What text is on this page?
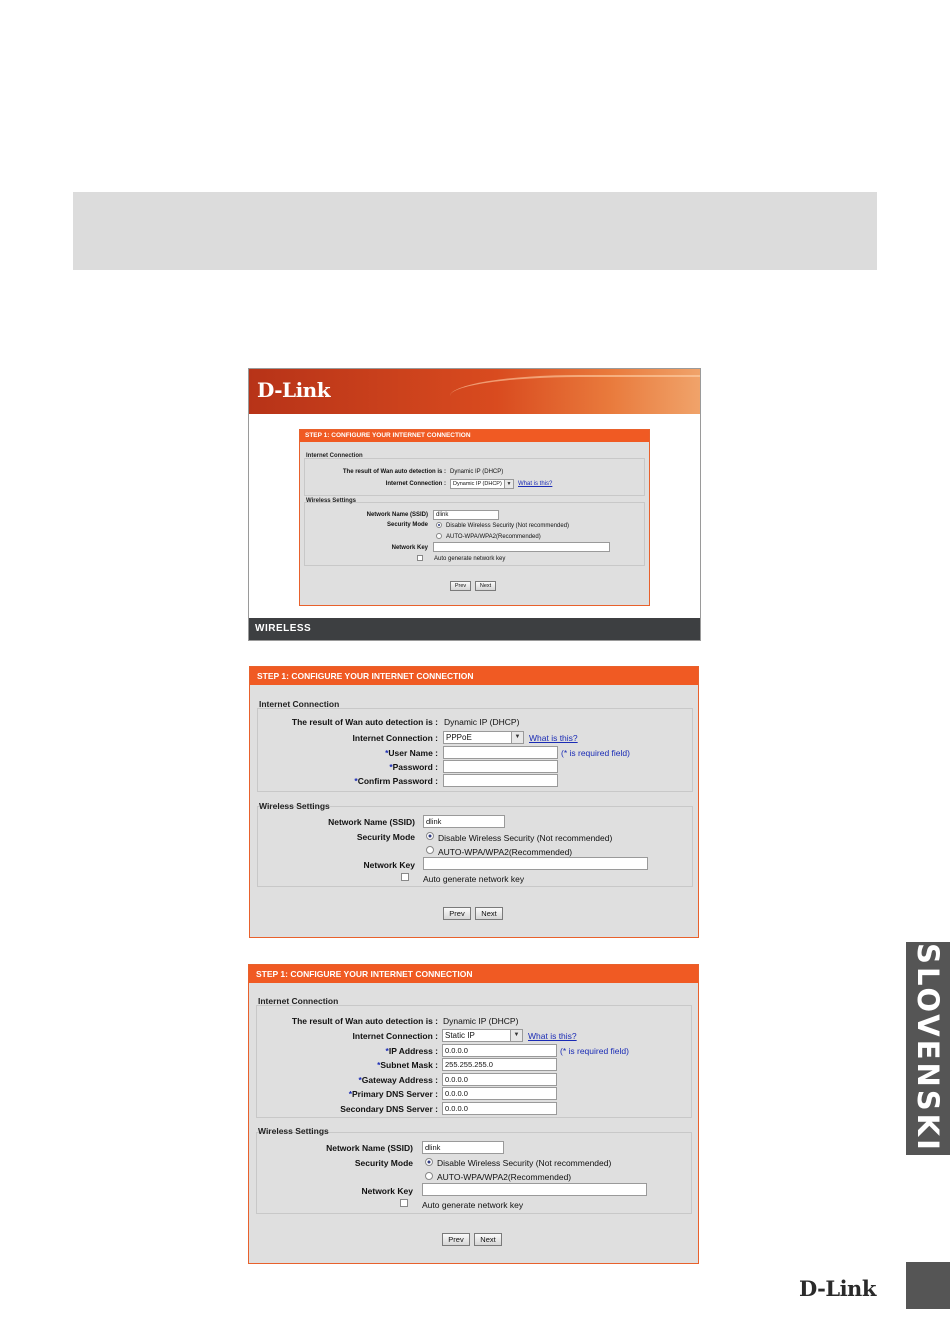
SLOVENSKI
D-Link
D-Link
STEP 1: CONFIGURE YOUR INTERNET CONNECTION
Internet Connection
The result of Wan auto detection is : Dynamic IP (DHCP)
Internet Connection :	Dynamic IP (DHCP) ▼ What is this?
Wireless Settings
Network Name (SSID)	dlink
Security Mode	Disable Wireless Security (Not recommended)
AUTO-WPA/WPA2(Recommended)
Network Key
Auto generate network key
Prev	Next
WIRELESS
STEP 1: CONFIGURE YOUR INTERNET CONNECTION
Internet Connection
The result of Wan auto detection is : Dynamic IP (DHCP)
Internet Connection :	PPPoE	▼ What is this?
*User Name :	(* is required field)
*Password :
*Confirm Password :
Wireless Settings
Network Name (SSID)	dlink
Security Mode	Disable Wireless Security (Not recommended)
AUTO-WPA/WPA2(Recommended)
Network Key
Auto generate network key
Prev	Next
STEP 1: CONFIGURE YOUR INTERNET CONNECTION
Internet Connection
The result of Wan auto detection is : Dynamic IP (DHCP)
Internet Connection : Static IP	▼ What is this?
*IP Address : 0.0.0.0	(* is required field)
*Subnet Mask : 255.255.255.0
*Gateway Address : 0.0.0.0
*Primary DNS Server : 0.0.0.0
Secondary DNS Server : 0.0.0.0
Wireless Settings
Network Name (SSID)	dlink
Security Mode	Disable Wireless Security (Not recommended)
AUTO-WPA/WPA2(Recommended)
Network Key
Auto generate network key
Prev	Next
